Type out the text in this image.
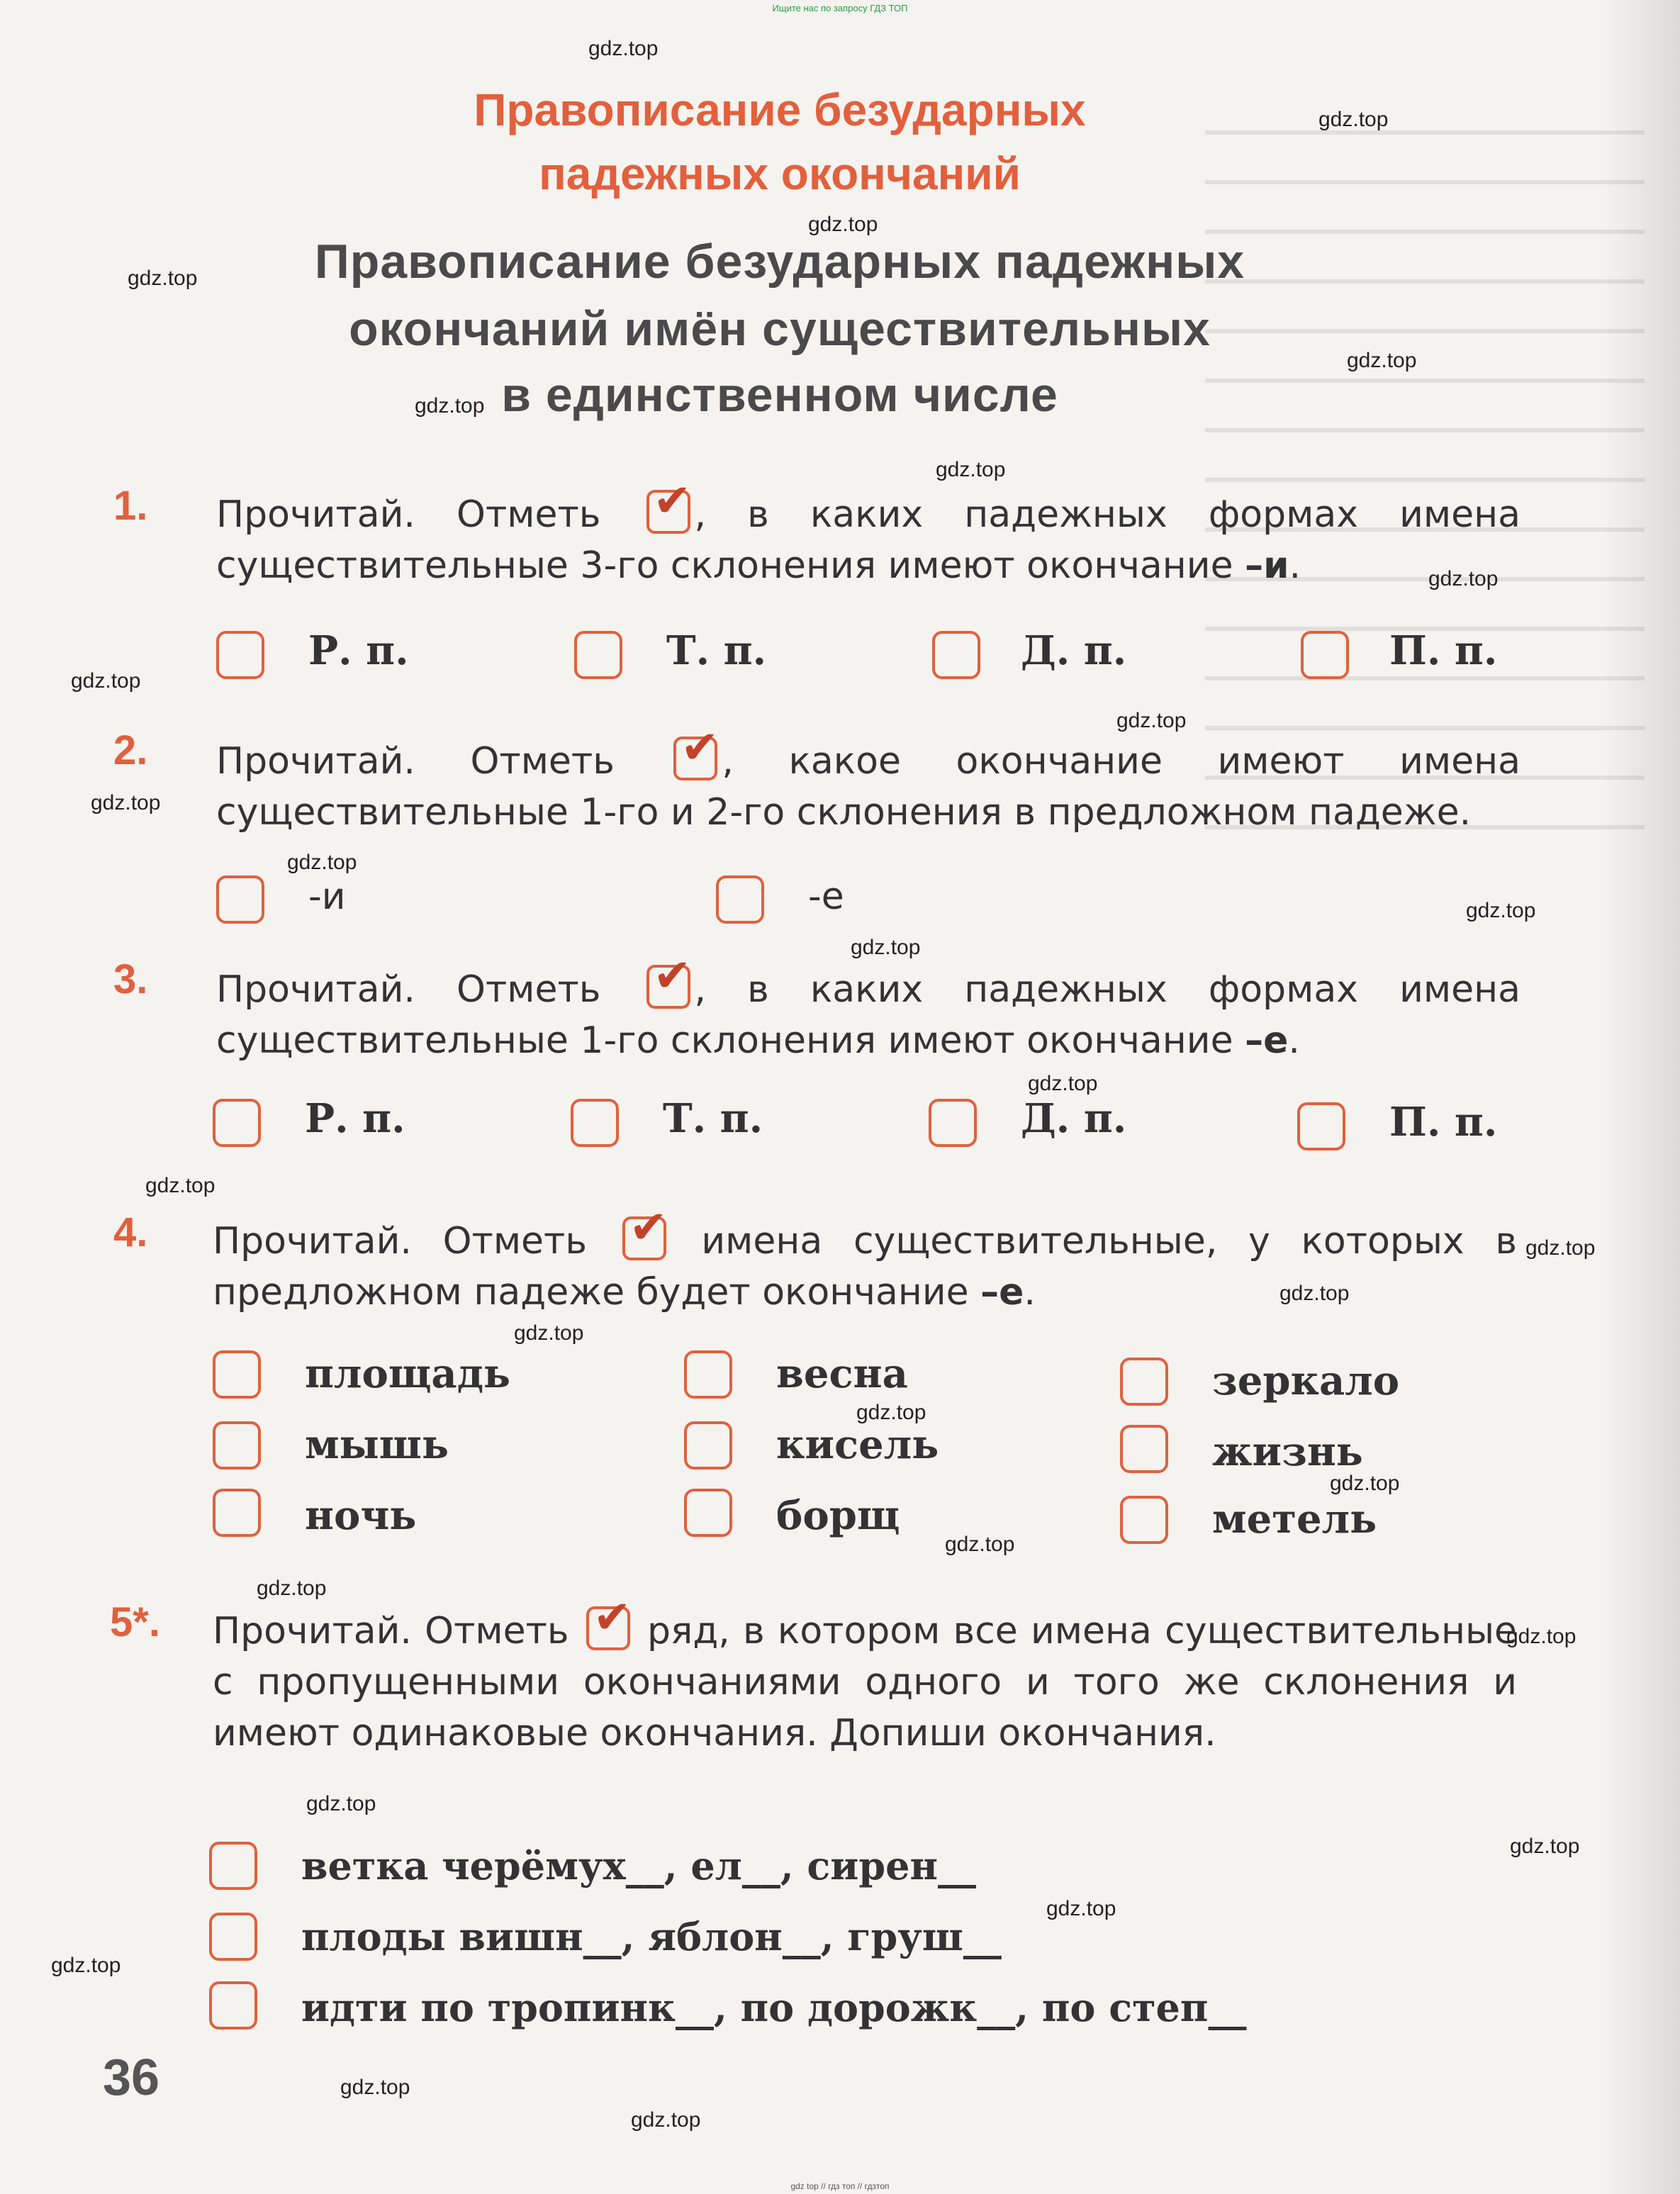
Ищите нас по запросу ГДЗ ТОП
Правописание безударных
падежных окончаний
Правописание безударных падежных
окончаний имён существительных
в единственном числе
1. Прочитай. Отметь ✔ , в каких падежных формах имена существительные 3-го склонения имеют окончание –и.
Р. п.	Т. п.	Д. п.	П. п.
2. Прочитай. Отметь ✔ , какое окончание имеют имена существительные 1-го и 2-го склонения в предложном падеже.
-и	-е
3. Прочитай. Отметь ✔ , в каких падежных формах имена существительные 1-го склонения имеют окончание –е.
Р. п.	Т. п.	Д. п.	П. п.
4. Прочитай. Отметь ✔ имена существительные, у которых в предложном падеже будет окончание –е.
площадь	весна	зеркало
мышь	кисель	жизнь
ночь	борщ	метель
5*. Прочитай. Отметь ✔ ряд, в котором все имена существительные с пропущенными окончаниями одного и того же склонения и имеют одинаковые окончания. Допиши окончания.
ветка черёмух__, ел__, сирен__
плоды вишн__, яблон__, груш__
идти по тропинк__, по дорожк__, по степ__
36
gdz.top
gdz.top
gdz.top
gdz.top
gdz.top
gdz.top
gdz.top
gdz.top
gdz.top
gdz.top
gdz.top
gdz.top
gdz.top
gdz.top
gdz.top
gdz.top
gdz.top
gdz.top
gdz.top
gdz.top
gdz.top
gdz.top
gdz.top
gdz.top
gdz.top
gdz.top
gdz.top
gdz.top
gdz.top
gdz.top
gdz top // гдз топ // гдзтоп
